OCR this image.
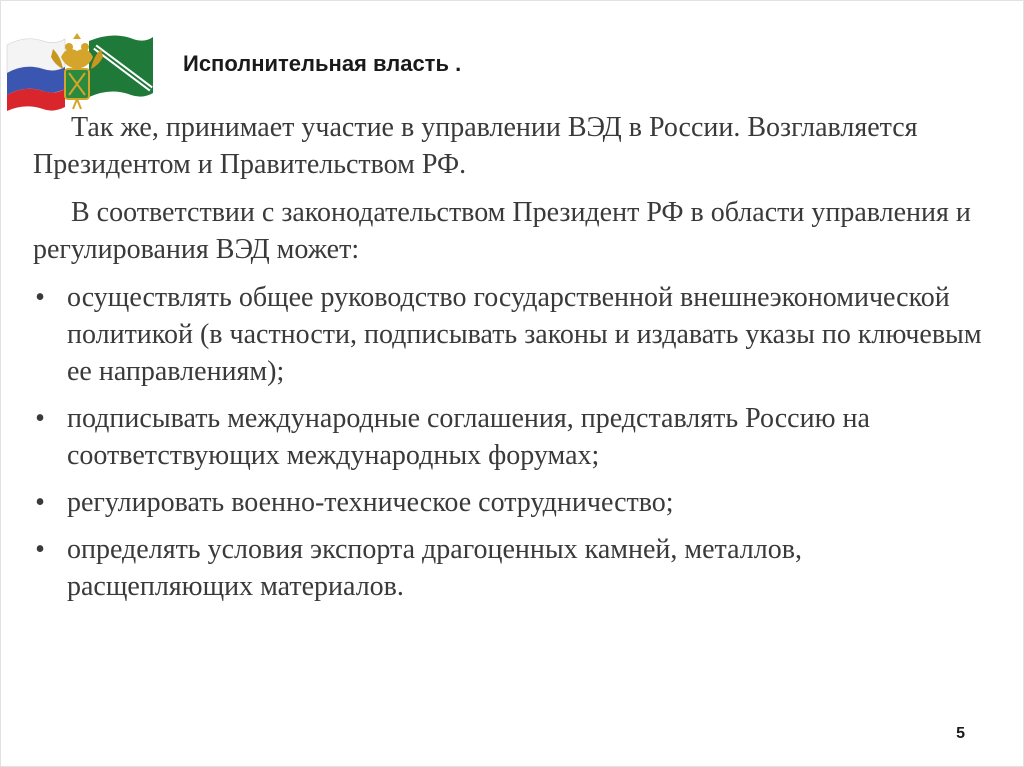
Исполнительная власть .

Так же, принимает участие в управлении ВЭД в России. Возглавляется Президентом и Правительством РФ.

В соответствии с законодательством Президент РФ в области управления и регулирования ВЭД может:

• осуществлять общее руководство государственной внешнеэкономической политикой (в частности, подписывать законы и издавать указы по ключевым ее направлениям);
• подписывать международные соглашения, представлять Россию на соответствующих международных форумах;
• регулировать военно-техническое сотрудничество;
• определять условия экспорта драгоценных камней, металлов, расщепляющих материалов.
5
